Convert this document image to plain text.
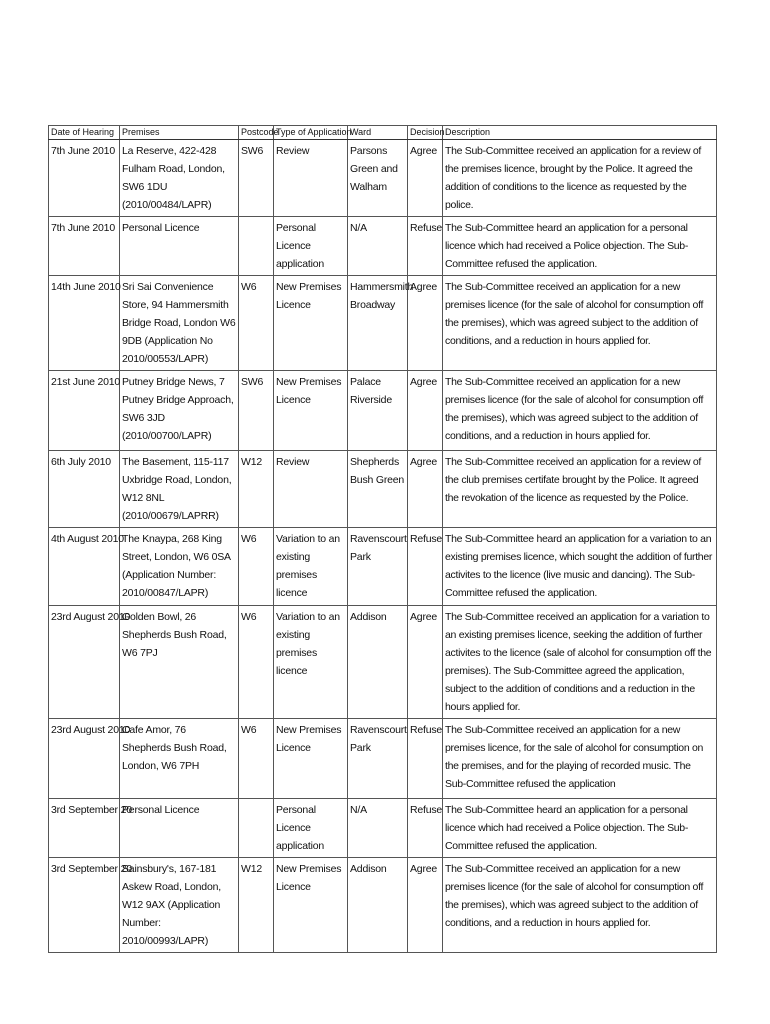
Date of Hearing	Premises	Postcode	Type of Application	Ward	Decision	Description
7th June 2010	La Reserve, 422-428 Fulham Road, London, SW6 1DU (2010/00484/LAPR)	SW6	Review	Parsons Green and Walham	Agree	The Sub-Committee received an application for a review of the premises licence, brought by the Police. It agreed the addition of conditions to the licence as requested by the police.
7th June 2010	Personal Licence		Personal Licence application	N/A	Refuse	The Sub-Committee heard an application for a personal licence which had received a Police objection. The Sub-Committee refused the application.
14th June 2010	Sri Sai Convenience Store, 94 Hammersmith Bridge Road, London W6 9DB (Application No 2010/00553/LAPR)	W6	New Premises Licence	Hammersmith Broadway	Agree	The Sub-Committee received an application for a new premises licence (for the sale of alcohol for consumption off the premises), which was agreed subject to the addition of conditions, and a reduction in hours applied for.
21st June 2010	Putney Bridge News, 7 Putney Bridge Approach, SW6 3JD (2010/00700/LAPR)	SW6	New Premises Licence	Palace Riverside	Agree	The Sub-Committee received an application for a new premises licence (for the sale of alcohol for consumption off the premises), which was agreed subject to the addition of conditions, and a reduction in hours applied for.
6th July 2010	The Basement, 115-117 Uxbridge Road, London, W12 8NL (2010/00679/LAPRR)	W12	Review	Shepherds Bush Green	Agree	The Sub-Committee received an application for a review of the club premises certifate brought by the Police. It agreed the revokation of the licence as requested by the Police.
4th August 2010	The Knaypa, 268 King Street, London, W6 0SA (Application Number: 2010/00847/LAPR)	W6	Variation to an existing premises licence	Ravenscourt Park	Refuse	The Sub-Committee heard an application for a variation to an existing premises licence, which sought the addition of further activites to the licence (live music and dancing). The Sub-Committee refused the application.
23rd August 2010	Golden Bowl, 26 Shepherds Bush Road, W6 7PJ	W6	Variation to an existing premises licence	Addison	Agree	The Sub-Committee received an application for a variation to an existing premises licence, seeking the addition of further activites to the licence (sale of alcohol for consumption off the premises). The Sub-Committee agreed the application, subject to the addition of conditions and a reduction in the hours applied for.
23rd August 2010	Cafe Amor, 76 Shepherds Bush Road, London, W6 7PH	W6	New Premises Licence	Ravenscourt Park	Refuse	The Sub-Committee received an application for a new premises licence, for the sale of alcohol for consumption on the premises, and for the playing of recorded music. The Sub-Committee refused the application
3rd September 20	Personal Licence		Personal Licence application	N/A	Refuse	The Sub-Committee heard an application for a personal licence which had received a Police objection. The Sub-Committee refused the application.
3rd September 20	Sainsbury's, 167-181 Askew Road, London, W12 9AX (Application Number: 2010/00993/LAPR)	W12	New Premises Licence	Addison	Agree	The Sub-Committee received an application for a new premises licence (for the sale of alcohol for consumption off the premises), which was agreed subject to the addition of conditions, and a reduction in hours applied for.
